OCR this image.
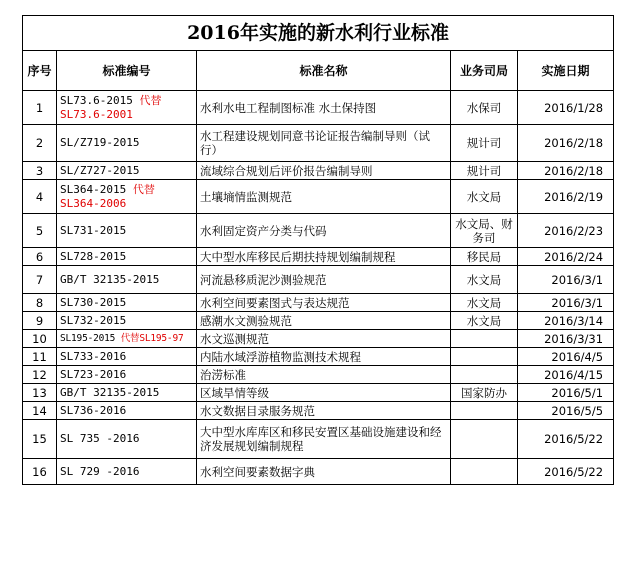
2016年实施的新水利行业标准				
序号	标准编号	标准名称	业务司局	实施日期
1	SL73.6-2015 代替SL73.6-2001	水利水电工程制图标准 水土保持图	水保司	2016/1/28
2	SL/Z719-2015	水工程建设规划同意书论证报告编制导则（试行）	规计司	2016/2/18
3	SL/Z727-2015	流域综合规划后评价报告编制导则	规计司	2016/2/18
4	SL364-2015 代替SL364-2006	土壤墒情监测规范	水文局	2016/2/19
5	SL731-2015	水利固定资产分类与代码	水文局、财务司	2016/2/23
6	SL728-2015	大中型水库移民后期扶持规划编制规程	移民局	2016/2/24
7	GB/T 32135-2015	河流悬移质泥沙测验规范	水文局	2016/3/1
8	SL730-2015	水利空间要素图式与表达规范	水文局	2016/3/1
9	SL732-2015	感潮水文测验规范	水文局	2016/3/14
10	SL195-2015 代替SL195-97	水文巡测规范		2016/3/31
11	SL733-2016	内陆水域浮游植物监测技术规程		2016/4/5
12	SL723-2016	治涝标准		2016/4/15
13	GB/T 32135-2015	区域旱情等级	国家防办	2016/5/1
14	SL736-2016	水文数据目录服务规范		2016/5/5
15	SL 735 -2016	大中型水库库区和移民安置区基础设施建设和经济发展规划编制规程		2016/5/22
16	SL 729 -2016	水利空间要素数据字典		2016/5/22
